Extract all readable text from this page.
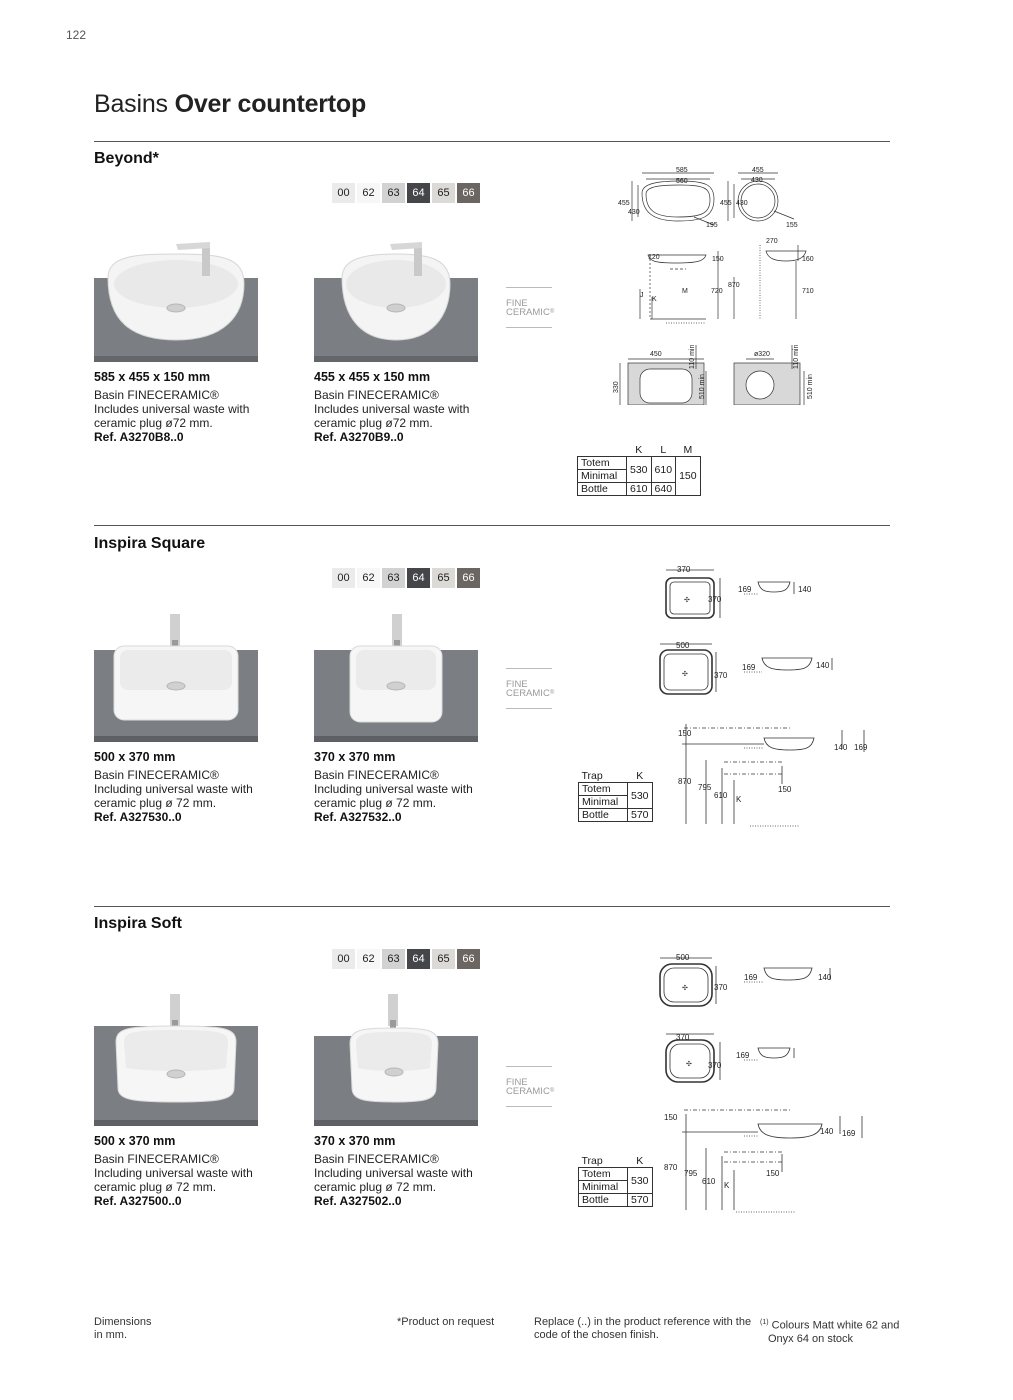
122
Basins Over countertop
Beyond*
00	62	63	64	65	66
585 x 455 x 150 mm
Basin FINECERAMIC®
Includes universal waste with
ceramic plug ø72 mm.
Ref. A3270B8..0
455 x 455 x 150 mm
Basin FINECERAMIC®
Includes universal waste with
ceramic plug ø72 mm.
Ref. A3270B9..0
FINE
CERAMIC®
585
560
455
430
195
455
430
455 430
155
270
120	150	160
720
870
710
J
K
M
450
330
110 min
510 min
ø320	110 min
510 min
	K	L	M
Totem	530	610	150
Minimal			
Bottle	610	640	
Inspira Square
00	62	63	64	65	66
500 x 370 mm
Basin FINECERAMIC®
Including universal waste with
ceramic plug ø 72 mm.
Ref. A327530..0
370 x 370 mm
Basin FINECERAMIC®
Including universal waste with
ceramic plug ø 72 mm.
Ref. A327532..0
FINE
CERAMIC®
✣
✣
370
370
169	140
500
370
169	140
150
140 169
870
795
610 K
150
Trap	K
Totem	530
Minimal	
Bottle	570
Inspira Soft
00	62	63	64	65	66
500 x 370 mm
Basin FINECERAMIC®
Including universal waste with
ceramic plug ø 72 mm.
Ref. A327500..0
370 x 370 mm
Basin FINECERAMIC®
Including universal waste with
ceramic plug ø 72 mm.
Ref. A327502..0
FINE
CERAMIC®
✣
✣
500
370
169	140
370
370
169
150
140 169
870
795
610 K
150
Trap	K
Totem	530
Minimal	
Bottle	570
Dimensions
in mm.
*Product on request	Replace (..) in the product reference with the
code of the chosen finish.
$^{(1)}$ Colours Matt white 62 and
Onyx 64 on stock
